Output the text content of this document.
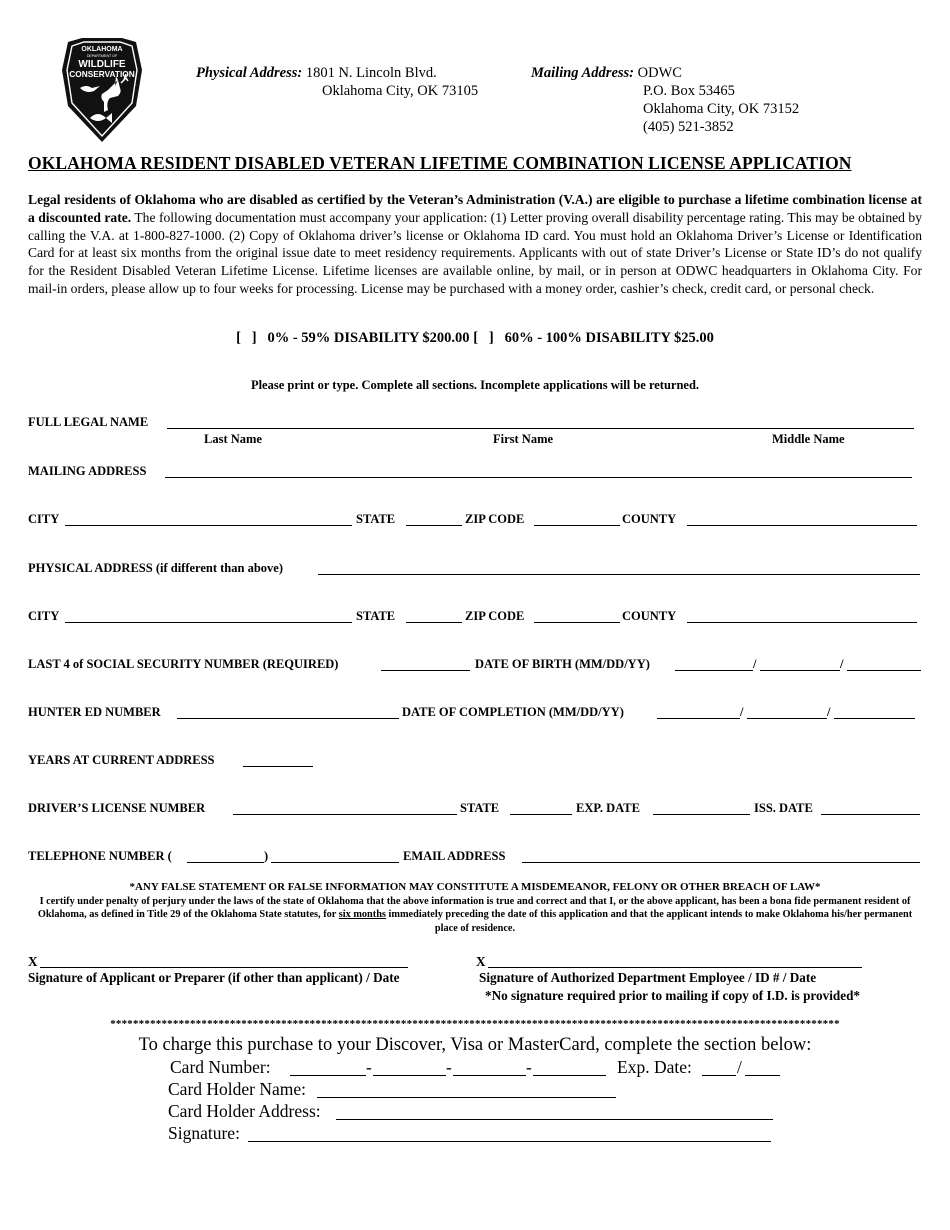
OKLAHOMA
DEPARTMENT OF
WILDLIFE
CONSERVATION	Physical Address: 1801 N. Lincoln Blvd.
Oklahoma City, OK 73105
Mailing Address: ODWC
P.O. Box 53465
Oklahoma City, OK 73152
(405) 521-3852
OKLAHOMA RESIDENT DISABLED VETERAN LIFETIME COMBINATION LICENSE APPLICATION
Legal residents of Oklahoma who are disabled as certified by the Veteran’s Administration (V.A.) are eligible to purchase a lifetime combination license at a discounted rate. The following documentation must accompany your application: (1) Letter proving overall disability percentage rating. This may be obtained by calling the V.A. at 1-800-827-1000. (2) Copy of Oklahoma driver’s license or Oklahoma ID card. You must hold an Oklahoma Driver’s License or Identification Card for at least six months from the original issue date to meet residency requirements. Applicants with out of state Driver’s License or State ID’s do not qualify for the Resident Disabled Veteran Lifetime License. Lifetime licenses are available online, by mail, or in person at ODWC headquarters in Oklahoma City. For mail-in orders, please allow up to four weeks for processing. License may be purchased with a money order, cashier’s check, credit card, or personal check.
[   ]   0% - 59% DISABILITY $200.00 [   ]   60% - 100% DISABILITY $25.00
Please print or type. Complete all sections. Incomplete applications will be returned.
FULL LEGAL NAME
Last Name	First Name	Middle Name
MAILING ADDRESS
CITY	STATE	ZIP CODE	COUNTY
PHYSICAL ADDRESS (if different than above)
CITY	STATE	ZIP CODE	COUNTY
LAST 4 of SOCIAL SECURITY NUMBER (REQUIRED)	DATE OF BIRTH (MM/DD/YY)	/	/
HUNTER ED NUMBER	DATE OF COMPLETION (MM/DD/YY)	/	/
YEARS AT CURRENT ADDRESS
DRIVER’S LICENSE NUMBER	STATE	EXP. DATE	ISS. DATE
TELEPHONE NUMBER (	)	EMAIL ADDRESS
*ANY FALSE STATEMENT OR FALSE INFORMATION MAY CONSTITUTE A MISDEMEANOR, FELONY OR OTHER BREACH OF LAW*
I certify under penalty of perjury under the laws of the state of Oklahoma that the above information is true and correct and that I, or the above applicant, has been a bona fide permanent resident of Oklahoma, as defined in Title 29 of the Oklahoma State statutes, for six months immediately preceding the date of this application and that the applicant intends to make Oklahoma his/her permanent place of residence.
X
Signature of Applicant or Preparer (if other than applicant) / Date
X
Signature of Authorized Department Employee / ID # / Date
*No signature required prior to mailing if copy of I.D. is provided*
********************************************************************************************************************************
To charge this purchase to your Discover, Visa or MasterCard, complete the section below:
Card Number:	-	-	-	Exp. Date:	/
Card Holder Name:
Card Holder Address:
Signature:
